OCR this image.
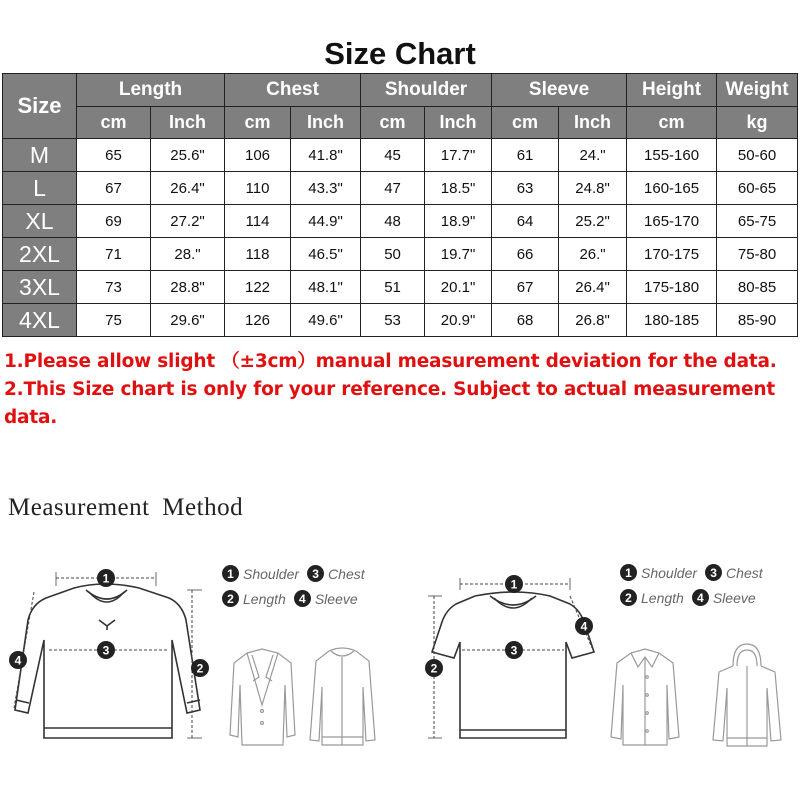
Size Chart
Size	Length		Chest		Shoulder		Sleeve		Height	Weight
	cm	Inch	cm	Inch	cm	Inch	cm	Inch	cm	kg
M	65	25.6"	106	41.8"	45	17.7"	61	24."	155-160	50-60
L	67	26.4"	110	43.3"	47	18.5"	63	24.8"	160-165	60-65
XL	69	27.2"	114	44.9"	48	18.9"	64	25.2"	165-170	65-75
2XL	71	28."	118	46.5"	50	19.7"	66	26."	170-175	75-80
3XL	73	28.8"	122	48.1"	51	20.1"	67	26.4"	175-180	80-85
4XL	75	29.6"	126	49.6"	53	20.9"	68	26.8"	180-185	85-90
1.Please allow slight （±3cm）manual measurement deviation for the data.
2.This Size chart is only for your reference. Subject to actual measurement data.
Measurement Method
1
3
2
4
1 Shoulder	3 Chest
2 Length	4 Sleeve
1
3
2
4
1 Shoulder	3 Chest
2 Length	4 Sleeve
